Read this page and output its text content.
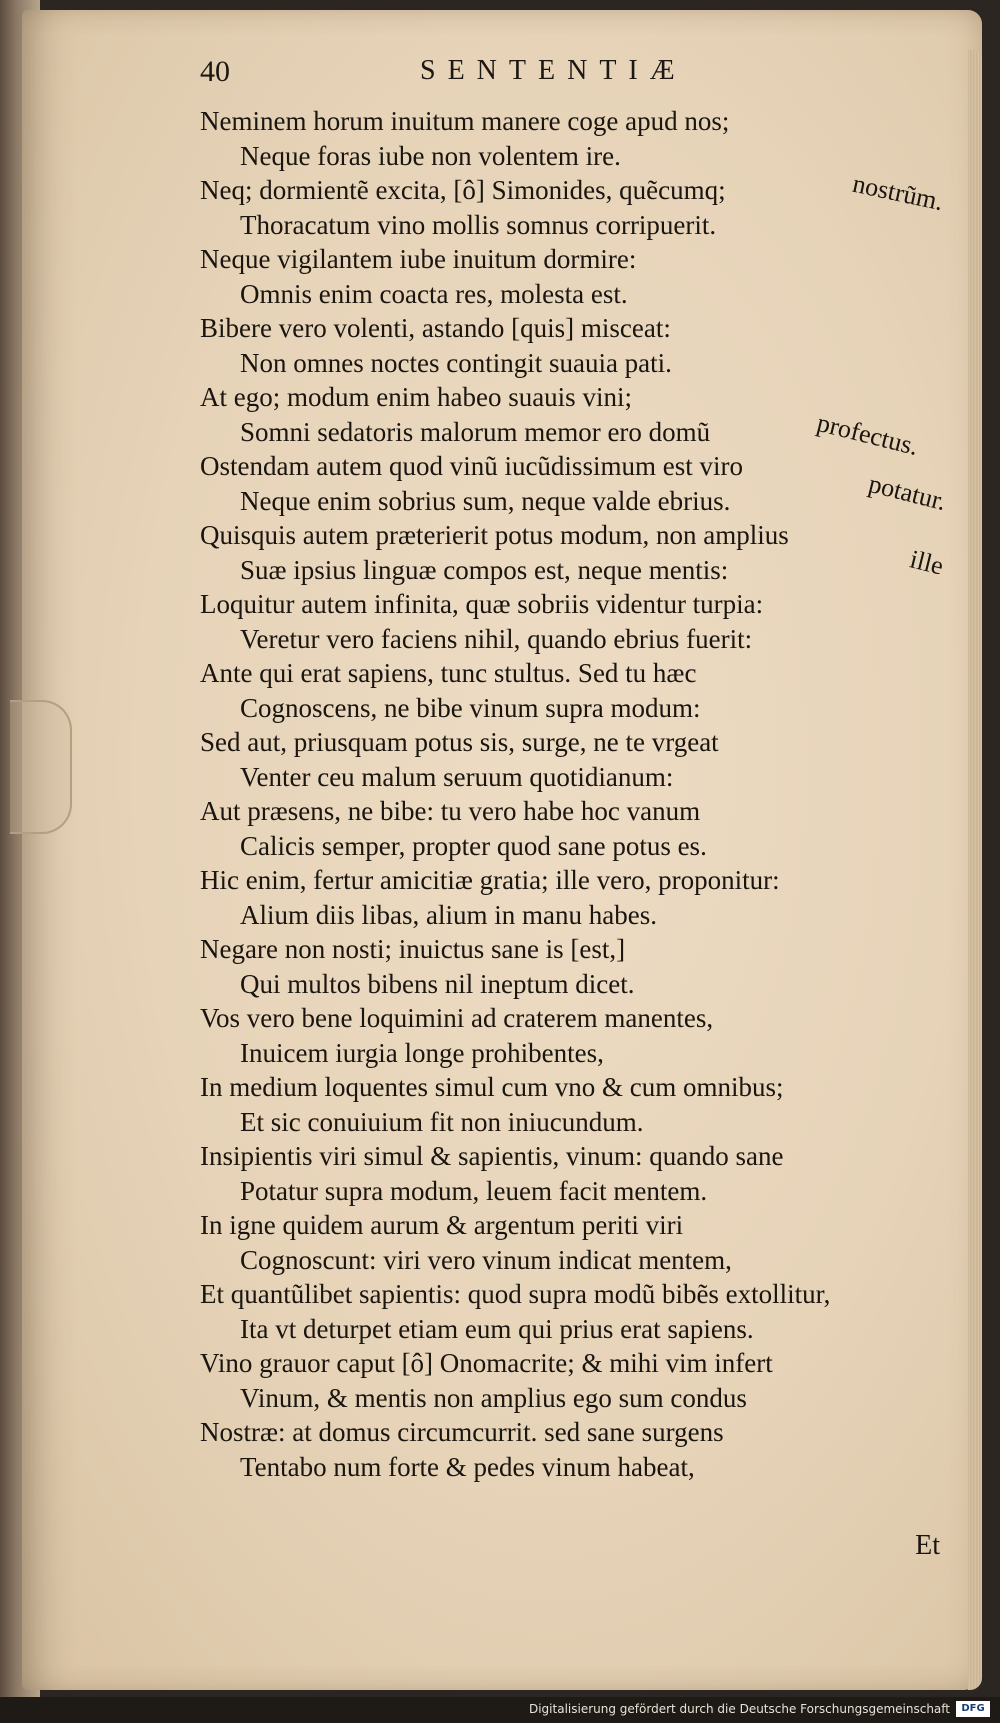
40	SENTENTIÆ
Neminem horum inuitum manere coge apud nos;
Neque foras iube non volentem ire.
Neq; dormientẽ excita, [ô] Simonides, quẽcumq;
Thoracatum vino mollis somnus corripuerit.
Neque vigilantem iube inuitum dormire:
Omnis enim coacta res, molesta est.
Bibere vero volenti, astando [quis] misceat:
Non omnes noctes contingit suauia pati.
At ego; modum enim habeo suauis vini;
Somni sedatoris malorum memor ero domũ
Ostendam autem quod vinũ iucũdissimum est viro
Neque enim sobrius sum, neque valde ebrius.
Quisquis autem præterierit potus modum, non amplius
Suæ ipsius linguæ compos est, neque mentis:
Loquitur autem infinita, quæ sobriis videntur turpia:
Veretur vero faciens nihil, quando ebrius fuerit:
Ante qui erat sapiens, tunc stultus. Sed tu hæc
Cognoscens, ne bibe vinum supra modum:
Sed aut, priusquam potus sis, surge, ne te vrgeat
Venter ceu malum seruum quotidianum:
Aut præsens, ne bibe: tu vero habe hoc vanum
Calicis semper, propter quod sane potus es.
Hic enim, fertur amicitiæ gratia; ille vero, proponitur:
Alium diis libas, alium in manu habes.
Negare non nosti; inuictus sane is [est,]
Qui multos bibens nil ineptum dicet.
Vos vero bene loquimini ad craterem manentes,
Inuicem iurgia longe prohibentes,
In medium loquentes simul cum vno & cum omnibus;
Et sic conuiuium fit non iniucundum.
Insipientis viri simul & sapientis, vinum: quando sane
Potatur supra modum, leuem facit mentem.
In igne quidem aurum & argentum periti viri
Cognoscunt: viri vero vinum indicat mentem,
Et quantũlibet sapientis: quod supra modũ bibẽs extollitur,
Ita vt deturpet etiam eum qui prius erat sapiens.
Vino grauor caput [ô] Onomacrite; & mihi vim infert
Vinum, & mentis non amplius ego sum condus
Nostræ: at domus circumcurrit. sed sane surgens
Tentabo num forte & pedes vinum habeat,
nostrũm.
profectus.
potatur.
ille
Et
Digitalisierung gefördert durch die Deutsche Forschungsgemeinschaft	DFG
